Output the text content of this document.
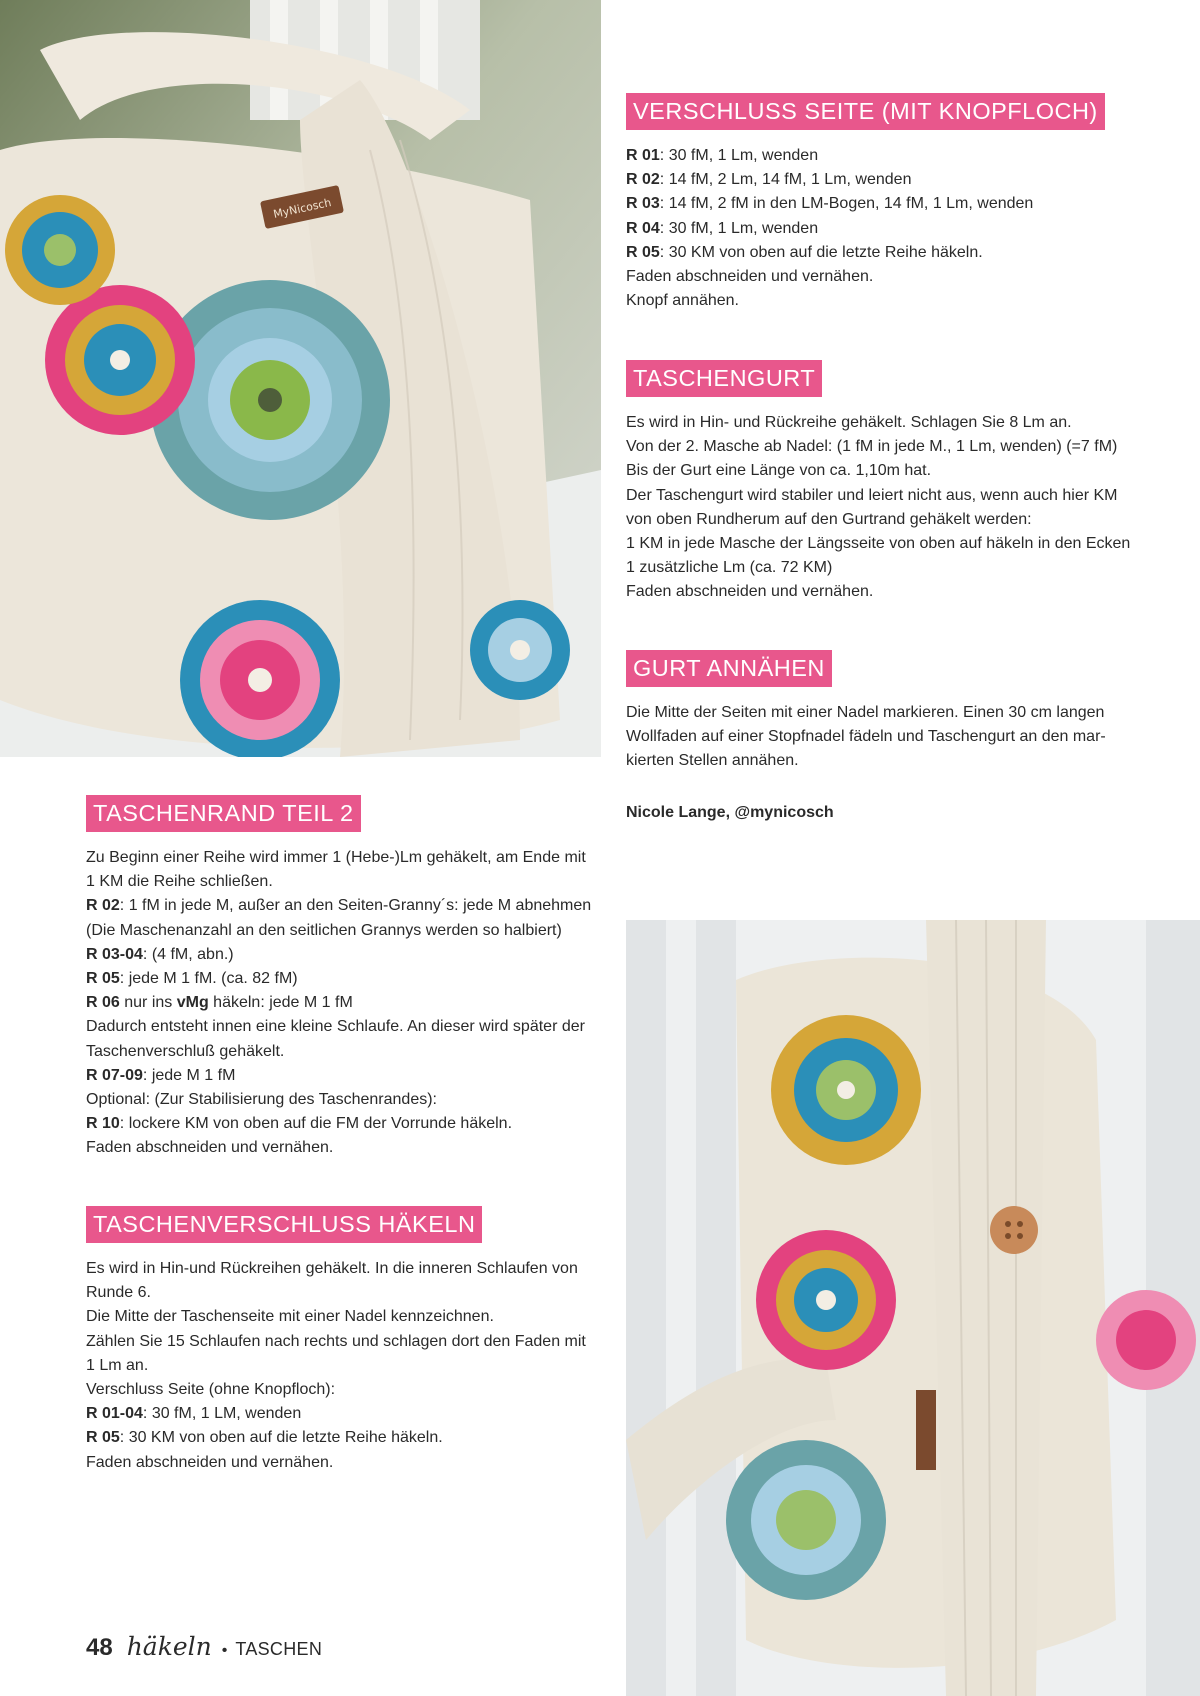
MyNicosch
VERSCHLUSS SEITE (MIT KNOPFLOCH)
R 01: 30 fM, 1 Lm, wenden
R 02: 14 fM, 2 Lm, 14 fM, 1 Lm, wenden
R 03: 14 fM, 2 fM in den LM-Bogen, 14 fM, 1 Lm, wenden
R 04: 30 fM, 1 Lm, wenden
R 05: 30 KM von oben auf die letzte Reihe häkeln.
Faden abschneiden und vernähen.
Knopf annähen.
TASCHENGURT
Es wird in Hin- und Rückreihe gehäkelt. Schlagen Sie 8 Lm an.
Von der 2. Masche ab Nadel: (1 fM in jede M., 1 Lm, wenden) (=7 fM)
Bis der Gurt eine Länge von ca. 1,10m hat.
Der Taschengurt wird stabiler und leiert nicht aus, wenn auch hier KM
von oben Rundherum auf den Gurtrand gehäkelt werden:
1 KM in jede Masche der Längsseite von oben auf häkeln in den Ecken
1 zusätzliche Lm (ca. 72 KM)
Faden abschneiden und vernähen.
GURT ANNÄHEN
Die Mitte der Seiten mit einer Nadel markieren. Einen 30 cm langen
Wollfaden auf einer Stopfnadel fädeln und Taschengurt an den mar-
kierten Stellen annähen.
Nicole Lange, @mynicosch
TASCHENRAND TEIL 2
Zu Beginn einer Reihe wird immer 1 (Hebe-)Lm gehäkelt, am Ende mit
1 KM die Reihe schließen.
R 02: 1 fM in jede M, außer an den Seiten-Granny´s: jede M abnehmen
(Die Maschenanzahl an den seitlichen Grannys werden so halbiert)
R 03-04: (4 fM, abn.)
R 05: jede M 1 fM. (ca. 82 fM)
R 06 nur ins vMg häkeln: jede M 1 fM
Dadurch entsteht innen eine kleine Schlaufe. An dieser wird später der
Taschenverschluß gehäkelt.
R 07-09: jede M 1 fM
Optional: (Zur Stabilisierung des Taschenrandes):
R 10: lockere KM von oben auf die FM der Vorrunde häkeln.
Faden abschneiden und vernähen.
TASCHENVERSCHLUSS HÄKELN
Es wird in Hin-und Rückreihen gehäkelt. In die inneren Schlaufen von
Runde 6.
Die Mitte der Taschenseite mit einer Nadel kennzeichnen.
Zählen Sie 15 Schlaufen nach rechts und schlagen dort den Faden mit
1 Lm an.
Verschluss Seite (ohne Knopfloch):
R 01-04: 30 fM, 1 LM, wenden
R 05: 30 KM von oben auf die letzte Reihe häkeln.
Faden abschneiden und vernähen.
48 häkeln • TASCHEN
